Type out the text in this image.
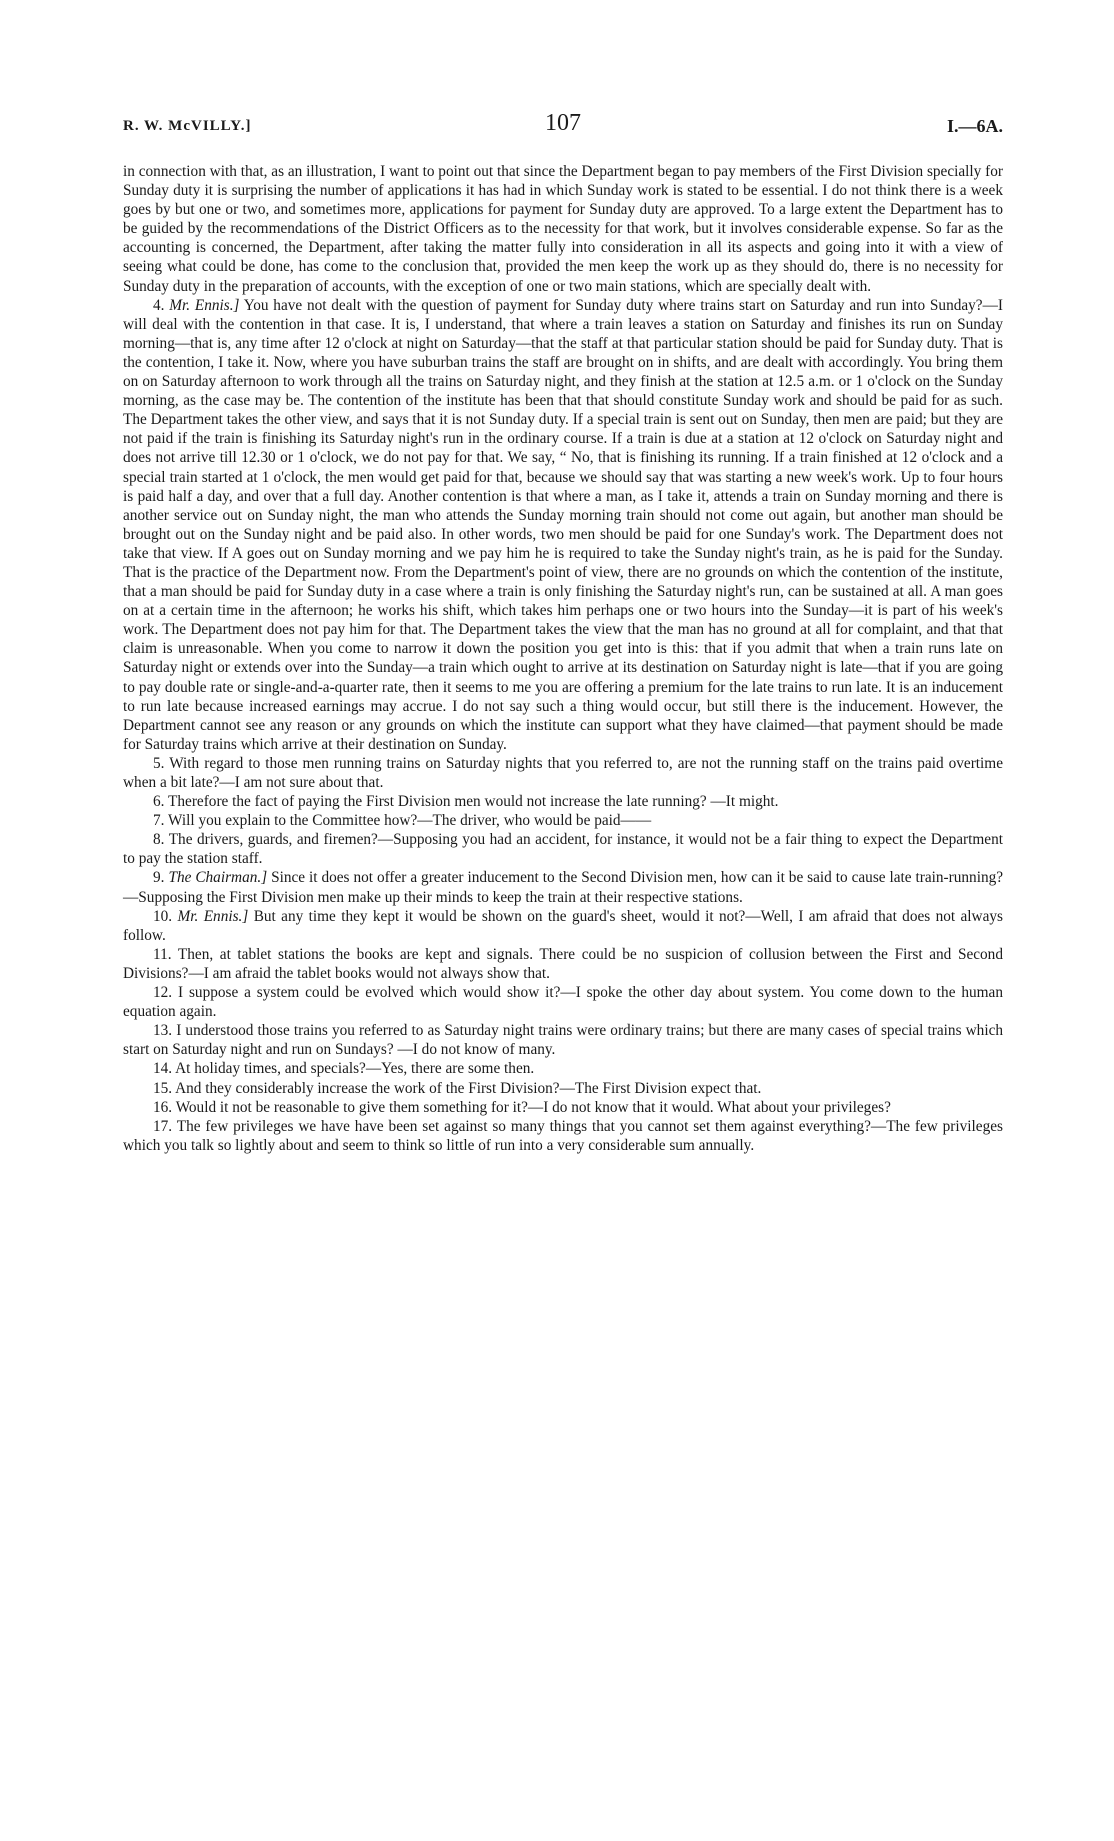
R. W. McVILLY.]	107	I.—6A.

in connection with that, as an illustration, I want to point out that since the Department began to pay members of the First Division specially for Sunday duty it is surprising the number of applications it has had in which Sunday work is stated to be essential. I do not think there is a week goes by but one or two, and sometimes more, applications for payment for Sunday duty are approved. To a large extent the Department has to be guided by the recommendations of the District Officers as to the necessity for that work, but it involves considerable expense. So far as the accounting is concerned, the Department, after taking the matter fully into consideration in all its aspects and going into it with a view of seeing what could be done, has come to the conclusion that, provided the men keep the work up as they should do, there is no necessity for Sunday duty in the preparation of accounts, with the exception of one or two main stations, which are specially dealt with.

4. Mr. Ennis.] You have not dealt with the question of payment for Sunday duty where trains start on Saturday and run into Sunday?—I will deal with the contention in that case. It is, I understand, that where a train leaves a station on Saturday and finishes its run on Sunday morning—that is, any time after 12 o'clock at night on Saturday—that the staff at that particular station should be paid for Sunday duty. That is the contention, I take it. Now, where you have suburban trains the staff are brought on in shifts, and are dealt with accordingly. You bring them on on Saturday afternoon to work through all the trains on Saturday night, and they finish at the station at 12.5 a.m. or 1 o'clock on the Sunday morning, as the case may be. The contention of the institute has been that that should constitute Sunday work and should be paid for as such. The Department takes the other view, and says that it is not Sunday duty. If a special train is sent out on Sunday, then men are paid; but they are not paid if the train is finishing its Saturday night's run in the ordinary course. If a train is due at a station at 12 o'clock on Saturday night and does not arrive till 12.30 or 1 o'clock, we do not pay for that. We say, “ No, that is finishing its running. If a train finished at 12 o'clock and a special train started at 1 o'clock, the men would get paid for that, because we should say that was starting a new week's work. Up to four hours is paid half a day, and over that a full day. Another contention is that where a man, as I take it, attends a train on Sunday morning and there is another service out on Sunday night, the man who attends the Sunday morning train should not come out again, but another man should be brought out on the Sunday night and be paid also. In other words, two men should be paid for one Sunday's work. The Department does not take that view. If A goes out on Sunday morning and we pay him he is required to take the Sunday night's train, as he is paid for the Sunday. That is the practice of the Department now. From the Department's point of view, there are no grounds on which the contention of the institute, that a man should be paid for Sunday duty in a case where a train is only finishing the Saturday night's run, can be sustained at all. A man goes on at a certain time in the afternoon; he works his shift, which takes him perhaps one or two hours into the Sunday—it is part of his week's work. The Department does not pay him for that. The Department takes the view that the man has no ground at all for complaint, and that that claim is unreasonable. When you come to narrow it down the position you get into is this: that if you admit that when a train runs late on Saturday night or extends over into the Sunday—a train which ought to arrive at its destination on Saturday night is late—that if you are going to pay double rate or single-and-a-quarter rate, then it seems to me you are offering a premium for the late trains to run late. It is an inducement to run late because increased earnings may accrue. I do not say such a thing would occur, but still there is the inducement. However, the Department cannot see any reason or any grounds on which the institute can support what they have claimed—that payment should be made for Saturday trains which arrive at their destination on Sunday.

5. With regard to those men running trains on Saturday nights that you referred to, are not the running staff on the trains paid overtime when a bit late?—I am not sure about that.

6. Therefore the fact of paying the First Division men would not increase the late running? —It might.

7. Will you explain to the Committee how?—The driver, who would be paid——

8. The drivers, guards, and firemen?—Supposing you had an accident, for instance, it would not be a fair thing to expect the Department to pay the station staff.

9. The Chairman.] Since it does not offer a greater inducement to the Second Division men, how can it be said to cause late train-running?—Supposing the First Division men make up their minds to keep the train at their respective stations.

10. Mr. Ennis.] But any time they kept it would be shown on the guard's sheet, would it not?—Well, I am afraid that does not always follow.

11. Then, at tablet stations the books are kept and signals. There could be no suspicion of collusion between the First and Second Divisions?—I am afraid the tablet books would not always show that.

12. I suppose a system could be evolved which would show it?—I spoke the other day about system. You come down to the human equation again.

13. I understood those trains you referred to as Saturday night trains were ordinary trains; but there are many cases of special trains which start on Saturday night and run on Sundays? —I do not know of many.

14. At holiday times, and specials?—Yes, there are some then.

15. And they considerably increase the work of the First Division?—The First Division expect that.

16. Would it not be reasonable to give them something for it?—I do not know that it would. What about your privileges?

17. The few privileges we have have been set against so many things that you cannot set them against everything?—The few privileges which you talk so lightly about and seem to think so little of run into a very considerable sum annually.
